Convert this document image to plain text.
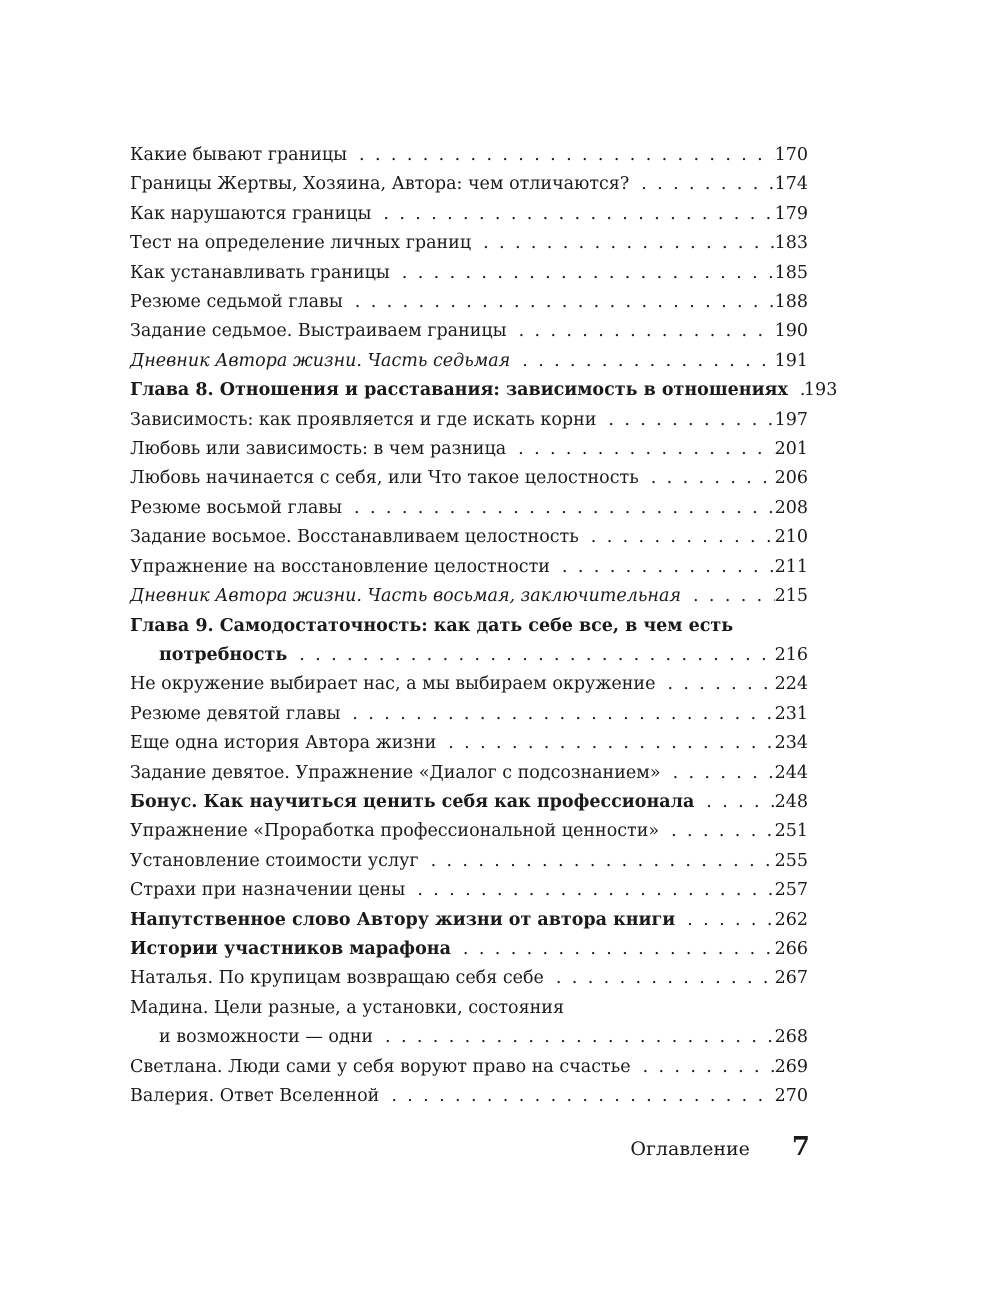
Какие бывают границы . . .	170
Границы Жертвы, Хозяина, Автора: чем отличаются? . . .	174
Как нарушаются границы . . .	179
Тест на определение личных границ . . .	183
Как устанавливать границы . . .	185
Резюме седьмой главы . . .	188
Задание седьмое. Выстраиваем границы . . .	190
Дневник Автора жизни. Часть седьмая . . .	191
Глава 8. Отношения и расставания: зависимость в отношениях . . . 193
Зависимость: как проявляется и где искать корни . . .	197
Любовь или зависимость: в чем разница . . .	201
Любовь начинается с себя, или Что такое целостность . . .	206
Резюме восьмой главы . . .	208
Задание восьмое. Восстанавливаем целостность . . .	210
Упражнение на восстановление целостности . . .	211
Дневник Автора жизни. Часть восьмая, заключительная . . .	215
Глава 9. Самодостаточность: как дать себе все, в чем есть
потребность . . .	216
Не окружение выбирает нас, а мы выбираем окружение . . .	224
Резюме девятой главы . . .	231
Еще одна история Автора жизни . . .	234
Задание девятое. Упражнение «Диалог с подсознанием» . . .	244
Бонус. Как научиться ценить себя как профессионала . . .	248
Упражнение «Проработка профессиональной ценности» . . .	251
Установление стоимости услуг . . .	255
Страхи при назначении цены . . .	257
Напутственное слово Автору жизни от автора книги . . .	262
Истории участников марафона . . .	266
Наталья. По крупицам возвращаю себя себе . . .	267
Мадина. Цели разные, а установки, состояния
и возможности — одни . . .	268
Светлана. Люди сами у себя воруют право на счастье . . .	269
Валерия. Ответ Вселенной . . .	270
Оглавление 7
